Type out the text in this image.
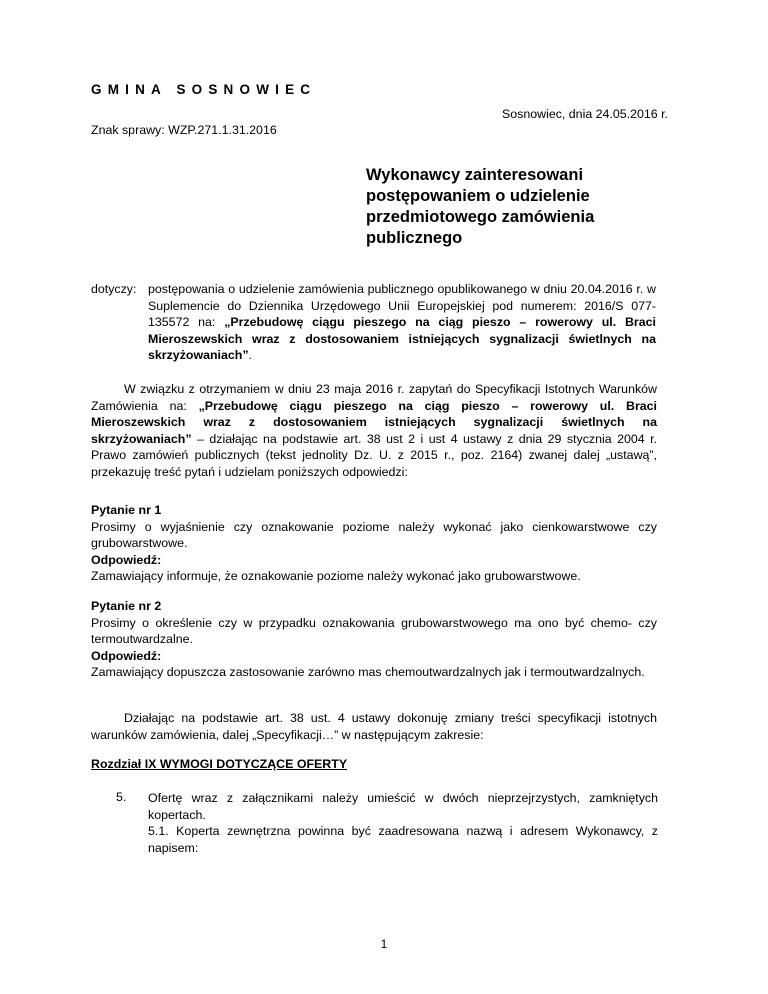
GMINA SOSNOWIEC
Sosnowiec, dnia 24.05.2016 r.
Znak sprawy: WZP.271.1.31.2016
Wykonawcy zainteresowani postępowaniem o udzielenie przedmiotowego zamówienia publicznego
dotyczy: postępowania o udzielenie zamówienia publicznego opublikowanego w dniu 20.04.2016 r. w Suplemencie do Dziennika Urzędowego Unii Europejskiej pod numerem: 2016/S 077-135572 na: „Przebudowę ciągu pieszego na ciąg pieszo – rowerowy ul. Braci Mieroszewskich wraz z dostosowaniem istniejących sygnalizacji świetlnych na skrzyżowaniach”.
W związku z otrzymaniem w dniu 23 maja 2016 r. zapytań do Specyfikacji Istotnych Warunków Zamówienia na: „Przebudowę ciągu pieszego na ciąg pieszo – rowerowy ul. Braci Mieroszewskich wraz z dostosowaniem istniejących sygnalizacji świetlnych na skrzyżowaniach” – działając na podstawie art. 38 ust 2 i ust 4 ustawy z dnia 29 stycznia 2004 r. Prawo zamówień publicznych (tekst jednolity Dz. U. z 2015 r., poz. 2164) zwanej dalej „ustawą”, przekazuję treść pytań i udzielam poniższych odpowiedzi:
Pytanie nr 1
Prosimy o wyjaśnienie czy oznakowanie poziome należy wykonać jako cienkowarstwowe czy grubowarstwowe.
Odpowiedź:
Zamawiający informuje, że oznakowanie poziome należy wykonać jako grubowarstwowe.
Pytanie nr 2
Prosimy o określenie czy w przypadku oznakowania grubowarstwowego ma ono być chemo- czy termoutwardzalne.
Odpowiedź:
Zamawiający dopuszcza zastosowanie zarówno mas chemoutwardzalnych jak i termoutwardzalnych.
Działając na podstawie art. 38 ust. 4 ustawy dokonuję zmiany treści specyfikacji istotnych warunków zamówienia, dalej „Specyfikacji…” w następującym zakresie:
Rozdział IX WYMOGI DOTYCZĄCE OFERTY
5. Ofertę wraz z załącznikami należy umieścić w dwóch nieprzejrzystych, zamkniętych kopertach.
5.1. Koperta zewnętrzna powinna być zaadresowana nazwą i adresem Wykonawcy, z napisem:
1
